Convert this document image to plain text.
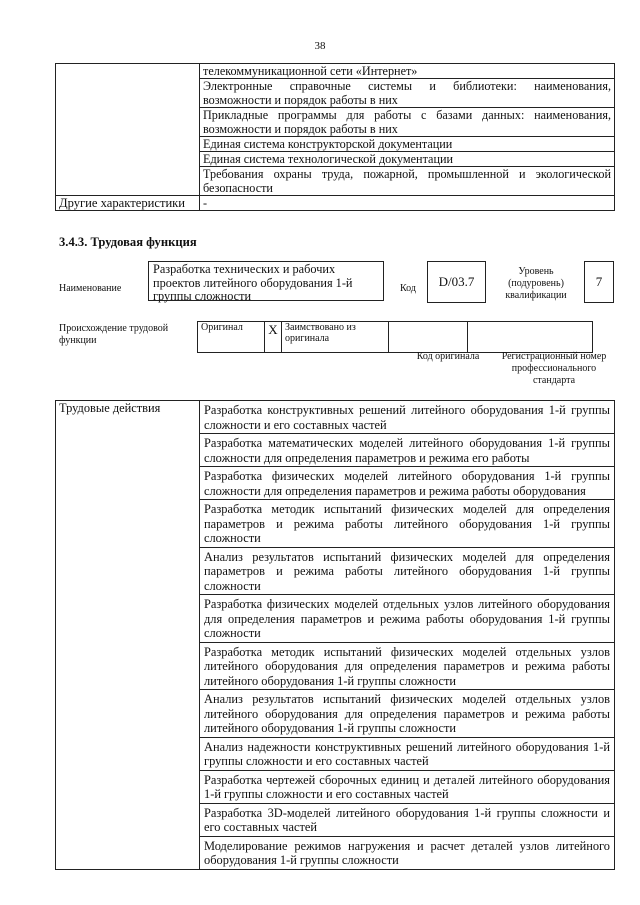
38
	телекоммуникационной сети «Интернет»
	Электронные справочные системы и библиотеки: наименования, возможности и порядок работы в них
	Прикладные программы для работы с базами данных: наименования, возможности и порядок работы в них
	Единая система конструкторской документации
	Единая система технологической документации
	Требования охраны труда, пожарной, промышленной и экологической безопасности
Другие характеристики	-
3.4.3. Трудовая функция
Наименование
Разработка технических и рабочих проектов литейного оборудования 1-й группы сложности
Код	D/03.7
Уровень (подуровень) квалификации
7
Происхождение трудовой функции
Оригинал	X	Заимствовано из оригинала		
Код оригинала	Регистрационный номер профессионального стандарта
Трудовые действия	Разработка конструктивных решений литейного оборудования 1-й группы сложности и его составных частей
Разработка математических моделей литейного оборудования 1-й группы сложности для определения параметров и режима его работы
Разработка физических моделей литейного оборудования 1-й группы сложности для определения параметров и режима работы оборудования
Разработка методик испытаний физических моделей для определения параметров и режима работы литейного оборудования 1-й группы сложности
Анализ результатов испытаний физических моделей для определения параметров и режима работы литейного оборудования 1-й группы сложности
Разработка физических моделей отдельных узлов литейного оборудования для определения параметров и режима работы оборудования 1-й группы сложности
Разработка методик испытаний физических моделей отдельных узлов литейного оборудования для определения параметров и режима работы литейного оборудования 1-й группы сложности
Анализ результатов испытаний физических моделей отдельных узлов литейного оборудования для определения параметров и режима работы литейного оборудования 1-й группы сложности
Анализ надежности конструктивных решений литейного оборудования 1-й группы сложности и его составных частей
Разработка чертежей сборочных единиц и деталей литейного оборудования 1-й группы сложности и его составных частей
Разработка 3D-моделей литейного оборудования 1-й группы сложности и его составных частей
Моделирование режимов нагружения и расчет деталей узлов литейного оборудования 1-й группы сложности
